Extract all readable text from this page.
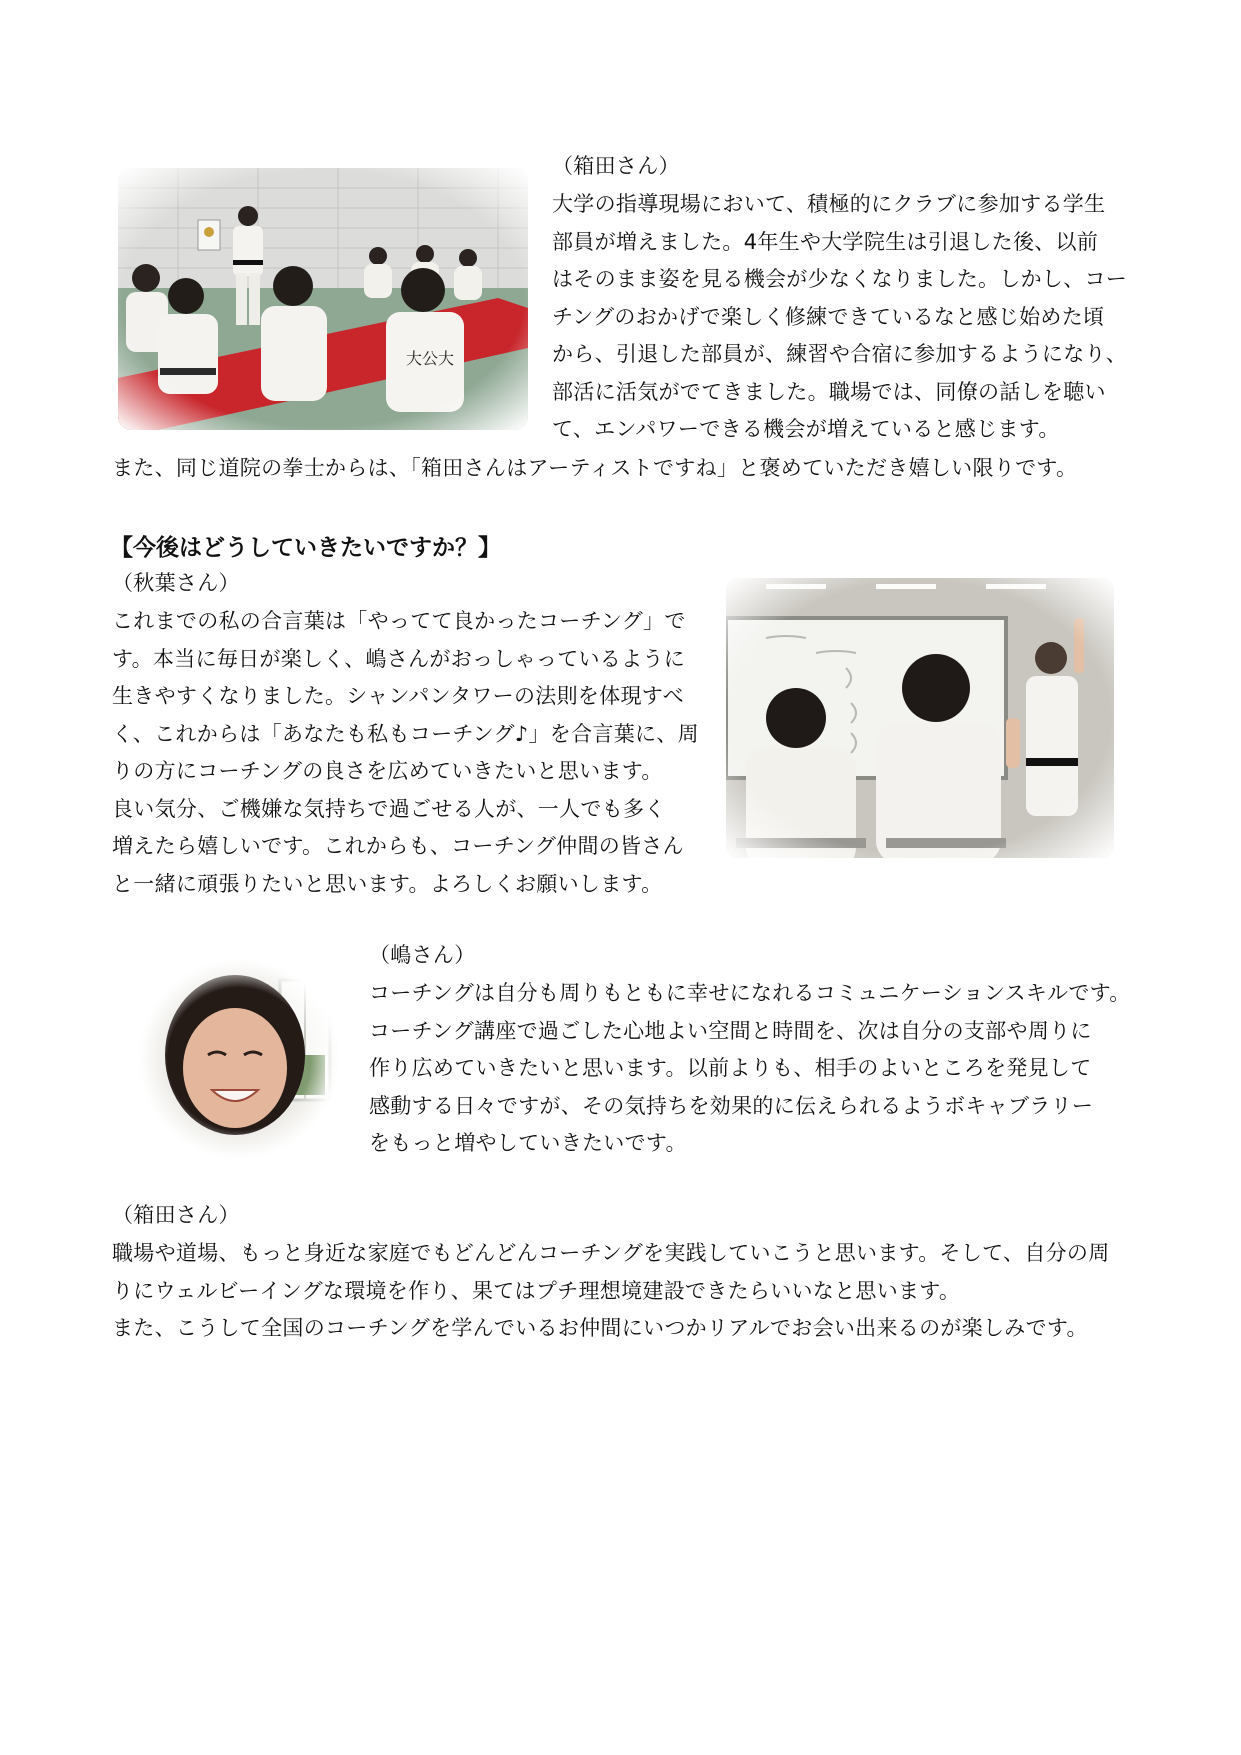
（箱田さん）
大学の指導現場において、積極的にクラブに参加する学生
部員が増えました。4年生や大学院生は引退した後、以前
はそのまま姿を見る機会が少なくなりました。しかし、コー
チングのおかげで楽しく修練できているなと感じ始めた頃
から、引退した部員が、練習や合宿に参加するようになり、
部活に活気がでてきました。職場では、同僚の話しを聴い
て、エンパワーできる機会が増えていると感じます。
また、同じ道院の拳士からは、「箱田さんはアーティストですね」と褒めていただき嬉しい限りです。
【今後はどうしていきたいですか？】
（秋葉さん）
これまでの私の合言葉は「やってて良かったコーチング」で
す。本当に毎日が楽しく、嶋さんがおっしゃっているように
生きやすくなりました。シャンパンタワーの法則を体現すべ
く、これからは「あなたも私もコーチング♪」を合言葉に、周
りの方にコーチングの良さを広めていきたいと思います。
良い気分、ご機嫌な気持ちで過ごせる人が、一人でも多く
増えたら嬉しいです。これからも、コーチング仲間の皆さん
と一緒に頑張りたいと思います。よろしくお願いします。
（嶋さん）
コーチングは自分も周りもともに幸せになれるコミュニケーションスキルです。
コーチング講座で過ごした心地よい空間と時間を、次は自分の支部や周りに
作り広めていきたいと思います。以前よりも、相手のよいところを発見して
感動する日々ですが、その気持ちを効果的に伝えられるようボキャブラリー
をもっと増やしていきたいです。
（箱田さん）
職場や道場、もっと身近な家庭でもどんどんコーチングを実践していこうと思います。そして、自分の周
りにウェルビーイングな環境を作り、果てはプチ理想境建設できたらいいなと思います。
また、こうして全国のコーチングを学んでいるお仲間にいつかリアルでお会い出来るのが楽しみです。
